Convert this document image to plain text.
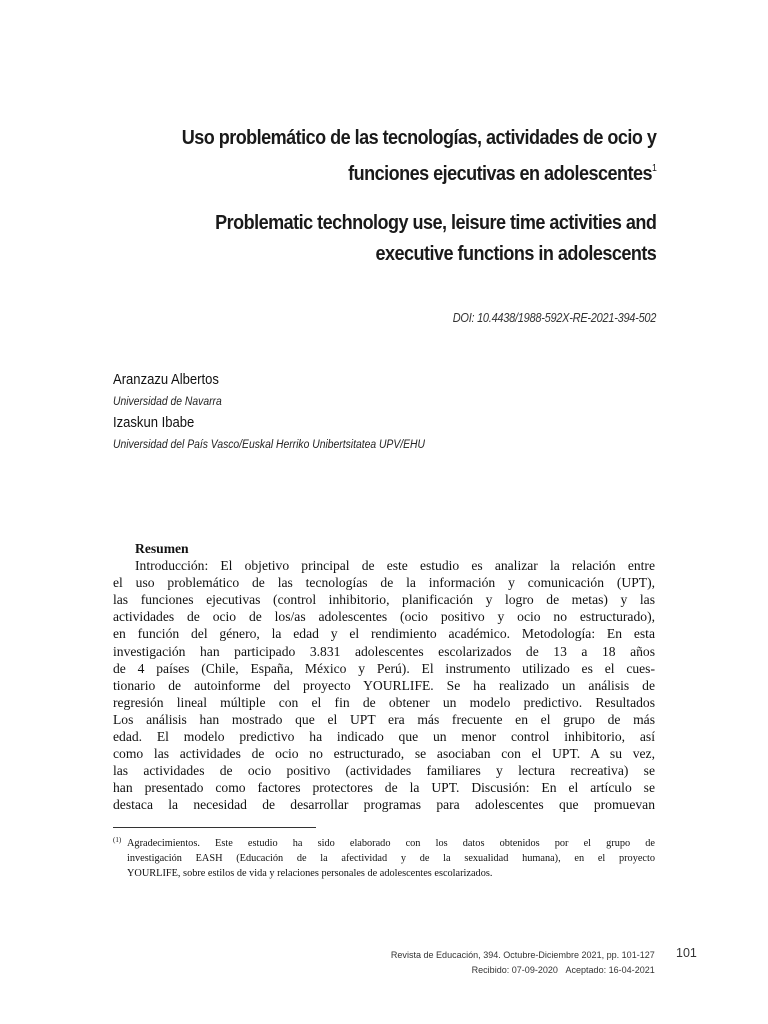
Uso problemático de las tecnologías, actividades de ocio y
funciones ejecutivas en adolescentes$^1$
Problematic technology use, leisure time activities and
executive functions in adolescents
DOI: 10.4438/1988-592X-RE-2021-394-502
Aranzazu Albertos
Universidad de Navarra
Izaskun Ibabe
Universidad del País Vasco/Euskal Herriko Unibertsitatea UPV/EHU
Resumen
Introducción: El objetivo principal de este estudio es analizar la relación entre
el uso problemático de las tecnologías de la información y comunicación (UPT),
las funciones ejecutivas (control inhibitorio, planificación y logro de metas) y las
actividades de ocio de los/as adolescentes (ocio positivo y ocio no estructurado),
en función del género, la edad y el rendimiento académico. Metodología: En esta
investigación han participado 3.831 adolescentes escolarizados de 13 a 18 años
de 4 países (Chile, España, México y Perú). El instrumento utilizado es el cues-
tionario de autoinforme del proyecto YOURLIFE. Se ha realizado un análisis de
regresión lineal múltiple con el fin de obtener un modelo predictivo. Resultados
Los análisis han mostrado que el UPT era más frecuente en el grupo de más
edad. El modelo predictivo ha indicado que un menor control inhibitorio, así
como las actividades de ocio no estructurado, se asociaban con el UPT. A su vez,
las actividades de ocio positivo (actividades familiares y lectura recreativa) se
han presentado como factores protectores de la UPT. Discusión: En el artículo se
destaca la necesidad de desarrollar programas para adolescentes que promuevan
(1) Agradecimientos. Este estudio ha sido elaborado con los datos obtenidos por el grupo de
investigación EASH (Educación de la afectividad y de la sexualidad humana), en el proyecto
YOURLIFE, sobre estilos de vida y relaciones personales de adolescentes escolarizados.
Revista de Educación, 394. Octubre-Diciembre 2021, pp. 101-127
Recibido: 07-09-2020 Aceptado: 16-04-2021
101
